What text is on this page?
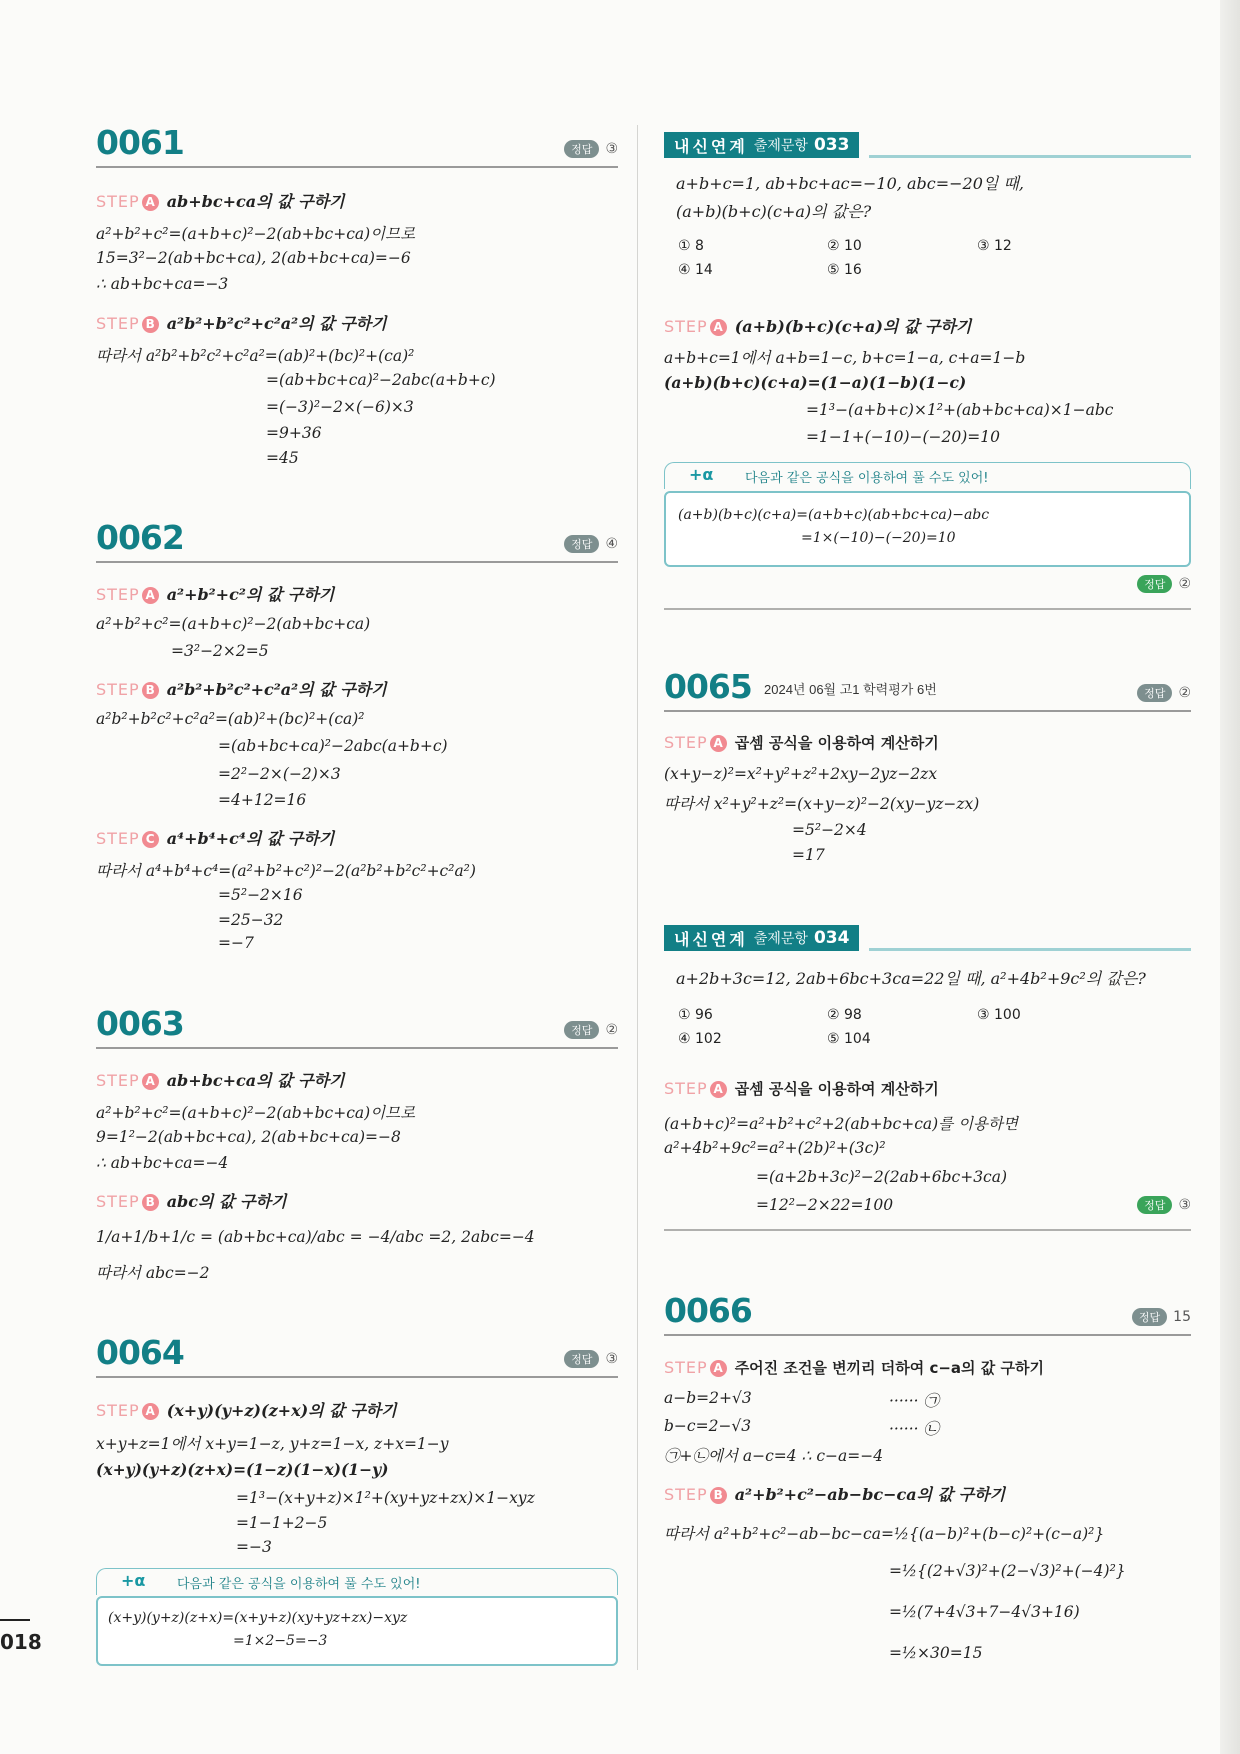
018
0061	정답 ③
STEP A ab+bc+ca의 값 구하기
a²+b²+c²=(a+b+c)²−2(ab+bc+ca)이므로
15=3²−2(ab+bc+ca), 2(ab+bc+ca)=−6
∴ ab+bc+ca=−3
STEP B a²b²+b²c²+c²a²의 값 구하기
따라서 a²b²+b²c²+c²a²=(ab)²+(bc)²+(ca)²
=(ab+bc+ca)²−2abc(a+b+c)
=(−3)²−2×(−6)×3
=9+36
=45
0062	정답 ④
STEP A a²+b²+c²의 값 구하기
a²+b²+c²=(a+b+c)²−2(ab+bc+ca)
=3²−2×2=5
STEP B a²b²+b²c²+c²a²의 값 구하기
a²b²+b²c²+c²a²=(ab)²+(bc)²+(ca)²
=(ab+bc+ca)²−2abc(a+b+c)
=2²−2×(−2)×3
=4+12=16
STEP C a⁴+b⁴+c⁴의 값 구하기
따라서 a⁴+b⁴+c⁴=(a²+b²+c²)²−2(a²b²+b²c²+c²a²)
=5²−2×16
=25−32
=−7
0063	정답 ②
STEP A ab+bc+ca의 값 구하기
a²+b²+c²=(a+b+c)²−2(ab+bc+ca)이므로
9=1²−2(ab+bc+ca), 2(ab+bc+ca)=−8
∴ ab+bc+ca=−4
STEP B abc의 값 구하기
1/a+1/b+1/c = (ab+bc+ca)/abc = −4/abc =2, 2abc=−4
따라서 abc=−2
0064	정답 ③
STEP A (x+y)(y+z)(z+x)의 값 구하기
x+y+z=1에서 x+y=1−z, y+z=1−x, z+x=1−y
(x+y)(y+z)(z+x)=(1−z)(1−x)(1−y)
=1³−(x+y+z)×1²+(xy+yz+zx)×1−xyz
=1−1+2−5
=−3
+α 다음과 같은 공식을 이용하여 풀 수도 있어!
(x+y)(y+z)(z+x)=(x+y+z)(xy+yz+zx)−xyz
=1×2−5=−3
내신연계 출제문항 033
a+b+c=1, ab+bc+ac=−10, abc=−20일 때,
(a+b)(b+c)(c+a)의 값은?
① 8	② 10	③ 12
④ 14	⑤ 16
STEP A (a+b)(b+c)(c+a)의 값 구하기
a+b+c=1에서 a+b=1−c, b+c=1−a, c+a=1−b
(a+b)(b+c)(c+a)=(1−a)(1−b)(1−c)
=1³−(a+b+c)×1²+(ab+bc+ca)×1−abc
=1−1+(−10)−(−20)=10
+α 다음과 같은 공식을 이용하여 풀 수도 있어!
(a+b)(b+c)(c+a)=(a+b+c)(ab+bc+ca)−abc
=1×(−10)−(−20)=10
정답 ②
0065 2024년 06월 고1 학력평가 6번	정답 ②
STEP A 곱셈 공식을 이용하여 계산하기
(x+y−z)²=x²+y²+z²+2xy−2yz−2zx
따라서 x²+y²+z²=(x+y−z)²−2(xy−yz−zx)
=5²−2×4
=17
내신연계 출제문항 034
a+2b+3c=12, 2ab+6bc+3ca=22일 때, a²+4b²+9c²의 값은?
① 96	② 98	③ 100
④ 102	⑤ 104
STEP A 곱셈 공식을 이용하여 계산하기
(a+b+c)²=a²+b²+c²+2(ab+bc+ca)를 이용하면
a²+4b²+9c²=a²+(2b)²+(3c)²
=(a+2b+3c)²−2(2ab+6bc+3ca)
=12²−2×22=100	정답 ③
0066	정답 15
STEP A 주어진 조건을 변끼리 더하여 c−a의 값 구하기
a−b=2+√3	······ ㉠
b−c=2−√3	······ ㉡
㉠+㉡에서 a−c=4 ∴ c−a=−4
STEP B a²+b²+c²−ab−bc−ca의 값 구하기
따라서 a²+b²+c²−ab−bc−ca=½{(a−b)²+(b−c)²+(c−a)²}
=½{(2+√3)²+(2−√3)²+(−4)²}
=½(7+4√3+7−4√3+16)
=½×30=15
